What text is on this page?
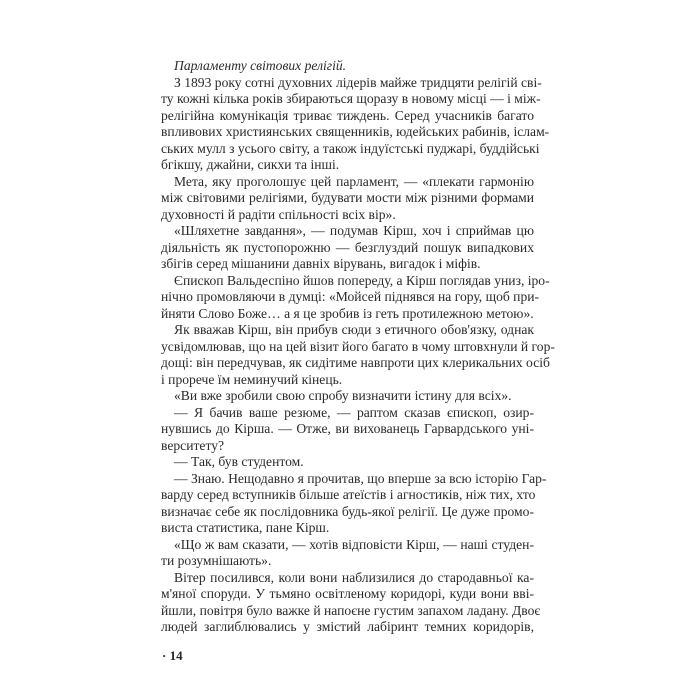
Парламенту світових релігій.
З 1893 року сотні духовних лідерів майже тридцяти релігій сві-
ту кожні кілька років збираються щоразу в новому місці — і між-
релігійна комунікація триває тиждень. Серед учасників багато
впливових християнських священників, юдейських рабинів, іслам-
ських мулл з усього світу, а також індуїстські пуджарі, буддійські
бгікшу, джайни, сикхи та інші.
Мета, яку проголошує цей парламент, — «плекати гармонію
між світовими релігіями, будувати мости між різними формами
духовності й радіти спільності всіх вір».
«Шляхетне завдання», — подумав Кірш, хоч і сприймав цю
діяльність як пустопорожню — безглуздий пошук випадкових
збігів серед мішанини давніх вірувань, вигадок і міфів.
Єпископ Вальдеспіно йшов попереду, а Кірш поглядав униз, іро-
нічно промовляючи в думці: «Мойсей піднявся на гору, щоб при-
йняти Слово Боже… а я це зробив із геть протилежною метою».
Як вважав Кірш, він прибув сюди з етичного обов'язку, однак
усвідомлював, що на цей візит його багато в чому штовхнули й гор-
дощі: він передчував, як сидітиме навпроти цих клерикальних осіб
і прорече їм неминучий кінець.
«Ви вже зробили свою спробу визначити істину для всіх».
— Я бачив ваше резюме, — раптом сказав єпископ, озир-
нувшись до Кірша. — Отже, ви вихованець Гарвардського уні-
верситету?
— Так, був студентом.
— Знаю. Нещодавно я прочитав, що вперше за всю історію Гар-
варду серед вступників більше атеїстів і агностиків, ніж тих, хто
визначає себе як послідовника будь-якої релігії. Це дуже промо-
виста статистика, пане Кірш.
«Що ж вам сказати, — хотів відповісти Кірш, — наші студен-
ти розумнішають».
Вітер посилився, коли вони наблизилися до стародавньої ка-
м'яної споруди. У тьмяно освітленому коридорі, куди вони вві-
йшли, повітря було важке й напоєне густим запахом ладану. Двоє
людей заглиблювались у змістий лабіринт темних коридорів,
· 14
